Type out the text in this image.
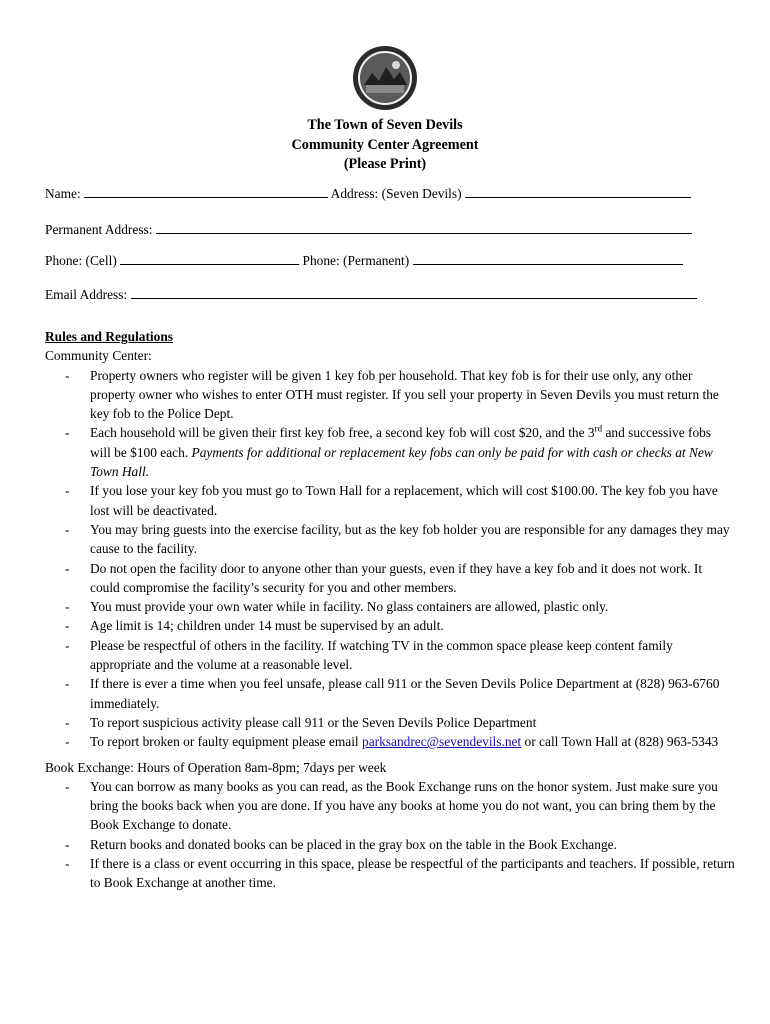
The Town of Seven Devils
Community Center Agreement
(Please Print)
Name:	Address: (Seven Devils)
Permanent Address:
Phone: (Cell)	Phone: (Permanent)
Email Address:
Rules and Regulations
Community Center:
- Property owners who register will be given 1 key fob per household. That key fob is for their use only, any other property owner who wishes to enter OTH must register. If you sell your property in Seven Devils you must return the key fob to the Police Dept.
- Each household will be given their first key fob free, a second key fob will cost $20, and the 3rd and successive fobs will be $100 each. Payments for additional or replacement key fobs can only be paid for with cash or checks at New Town Hall.
- If you lose your key fob you must go to Town Hall for a replacement, which will cost $100.00. The key fob you have lost will be deactivated.
- You may bring guests into the exercise facility, but as the key fob holder you are responsible for any damages they may cause to the facility.
- Do not open the facility door to anyone other than your guests, even if they have a key fob and it does not work. It could compromise the facility’s security for you and other members.
- You must provide your own water while in facility. No glass containers are allowed, plastic only.
- Age limit is 14; children under 14 must be supervised by an adult.
- Please be respectful of others in the facility. If watching TV in the common space please keep content family appropriate and the volume at a reasonable level.
- If there is ever a time when you feel unsafe, please call 911 or the Seven Devils Police Department at (828) 963-6760 immediately.
- To report suspicious activity please call 911 or the Seven Devils Police Department
- To report broken or faulty equipment please email parksandrec@sevendevils.net or call Town Hall at (828) 963-5343
Book Exchange: Hours of Operation 8am-8pm; 7days per week
- You can borrow as many books as you can read, as the Book Exchange runs on the honor system. Just make sure you bring the books back when you are done. If you have any books at home you do not want, you can bring them by the Book Exchange to donate.
- Return books and donated books can be placed in the gray box on the table in the Book Exchange.
- If there is a class or event occurring in this space, please be respectful of the participants and teachers. If possible, return to Book Exchange at another time.
